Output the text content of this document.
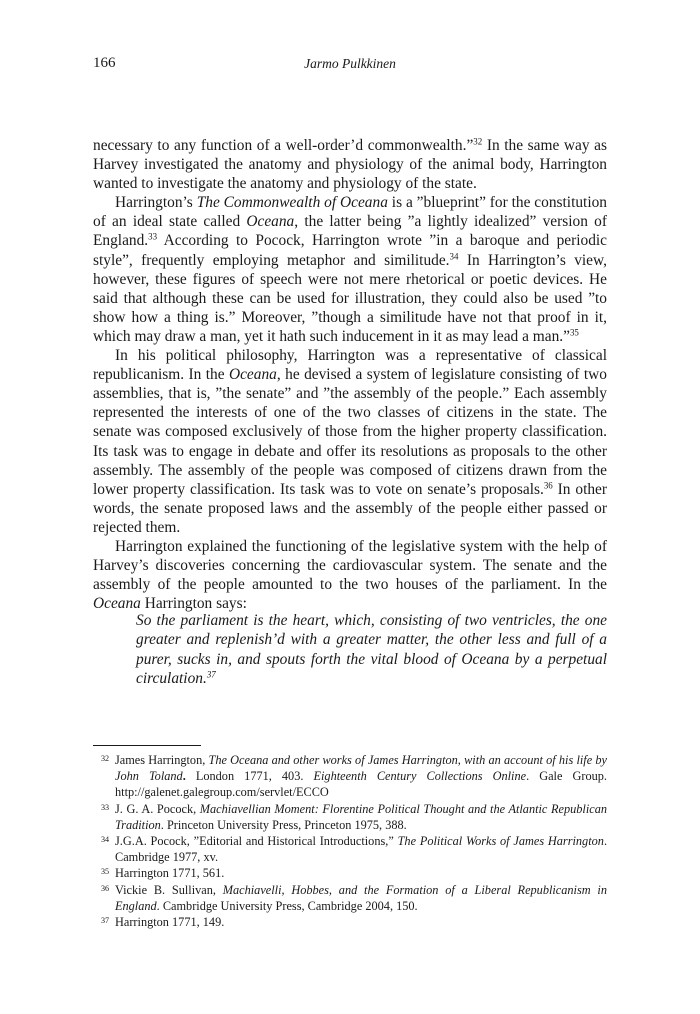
166	Jarmo Pulkkinen

necessary to any function of a well-order’d commonwealth.”$^{32}$ In the same way as Harvey investigated the anatomy and physiology of the animal body, Harrington wanted to investigate the anatomy and physiology of the state.

Harrington’s The Commonwealth of Oceana is a ”blueprint” for the constitution of an ideal state called Oceana, the latter being ”a lightly idealized” version of England.$^{33}$ According to Pocock, Harrington wrote ”in a baroque and periodic style”, frequently employing metaphor and similitude.$^{34}$ In Harrington’s view, however, these figures of speech were not mere rhetorical or poetic devices. He said that although these can be used for illustration, they could also be used ”to show how a thing is.” Moreover, ”though a similitude have not that proof in it, which may draw a man, yet it hath such inducement in it as may lead a man.”$^{35}$

In his political philosophy, Harrington was a representative of classical republicanism. In the Oceana, he devised a system of legislature consisting of two assemblies, that is, ”the senate” and ”the assembly of the people.” Each assembly represented the interests of one of the two classes of citizens in the state. The senate was composed exclusively of those from the higher property classification. Its task was to engage in debate and offer its resolutions as proposals to the other assembly. The assembly of the people was composed of citizens drawn from the lower property classification. Its task was to vote on senate’s proposals.$^{36}$ In other words, the senate proposed laws and the assembly of the people either passed or rejected them.

Harrington explained the functioning of the legislative system with the help of Harvey’s discoveries concerning the cardiovascular system. The senate and the assembly of the people amounted to the two houses of the parliament. In the Oceana Harrington says:

So the parliament is the heart, which, consisting of two ventricles, the one greater and replenish’d with a greater matter, the other less and full of a purer, sucks in, and spouts forth the vital blood of Oceana by a perpetual circulation.$^{37}$
32 James Harrington, The Oceana and other works of James Harrington, with an account of his life by John Toland. London 1771, 403. Eighteenth Century Collections Online. Gale Group. http://galenet.galegroup.com/servlet/ECCO
33 J. G. A. Pocock, Machiavellian Moment: Florentine Political Thought and the Atlantic Republican Tradition. Princeton University Press, Princeton 1975, 388.
34 J.G.A. Pocock, ”Editorial and Historical Introductions,” The Political Works of James Harrington. Cambridge 1977, xv.
35 Harrington 1771, 561.
36 Vickie B. Sullivan, Machiavelli, Hobbes, and the Formation of a Liberal Republicanism in England. Cambridge University Press, Cambridge 2004, 150.
37 Harrington 1771, 149.
